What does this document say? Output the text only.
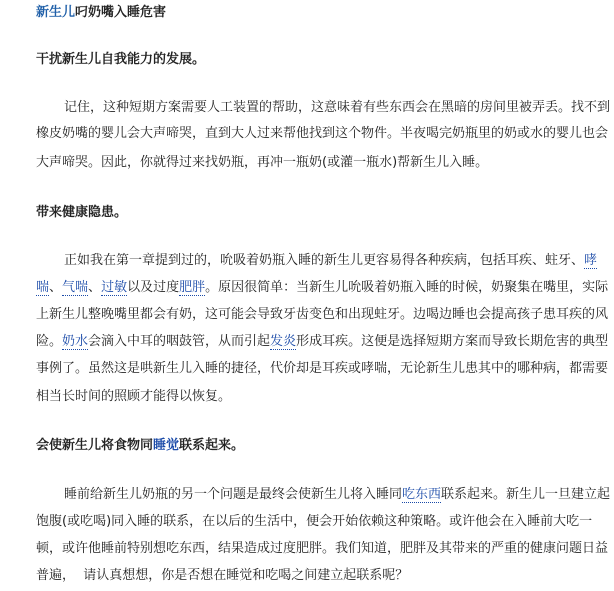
新生儿叼奶嘴入睡危害
干扰新生儿自我能力的发展。
记住，这种短期方案需要人工装置的帮助，这意味着有些东西会在黑暗的房间里被弄丢。找不到
橡皮奶嘴的婴儿会大声啼哭，直到大人过来帮他找到这个物件。半夜喝完奶瓶里的奶或水的婴儿也会
大声啼哭。因此，你就得过来找奶瓶，再冲一瓶奶(或灌一瓶水)帮新生儿入睡。
带来健康隐患。
正如我在第一章提到过的，吮吸着奶瓶入睡的新生儿更容易得各种疾病，包括耳疾、蛀牙、哮
喘、气喘、过敏以及过度肥胖。原因很简单：当新生儿吮吸着奶瓶入睡的时候，奶聚集在嘴里，实际
上新生儿整晚嘴里都会有奶，这可能会导致牙齿变色和出现蛀牙。边喝边睡也会提高孩子患耳疾的风
险。奶水会滴入中耳的咽鼓管，从而引起发炎形成耳疾。这便是选择短期方案而导致长期危害的典型
事例了。虽然这是哄新生儿入睡的捷径，代价却是耳疾或哮喘，无论新生儿患其中的哪种病，都需要
相当长时间的照顾才能得以恢复。
会使新生儿将食物同睡觉联系起来。
睡前给新生儿奶瓶的另一个问题是最终会使新生儿将入睡同吃东西联系起来。新生儿一旦建立起
饱腹(或吃喝)同入睡的联系，在以后的生活中，便会开始依赖这种策略。或许他会在入睡前大吃一
顿，或许他睡前特别想吃东西，结果造成过度肥胖。我们知道，肥胖及其带来的严重的健康问题日益
普遍，  请认真想想，你是否想在睡觉和吃喝之间建立起联系呢？
